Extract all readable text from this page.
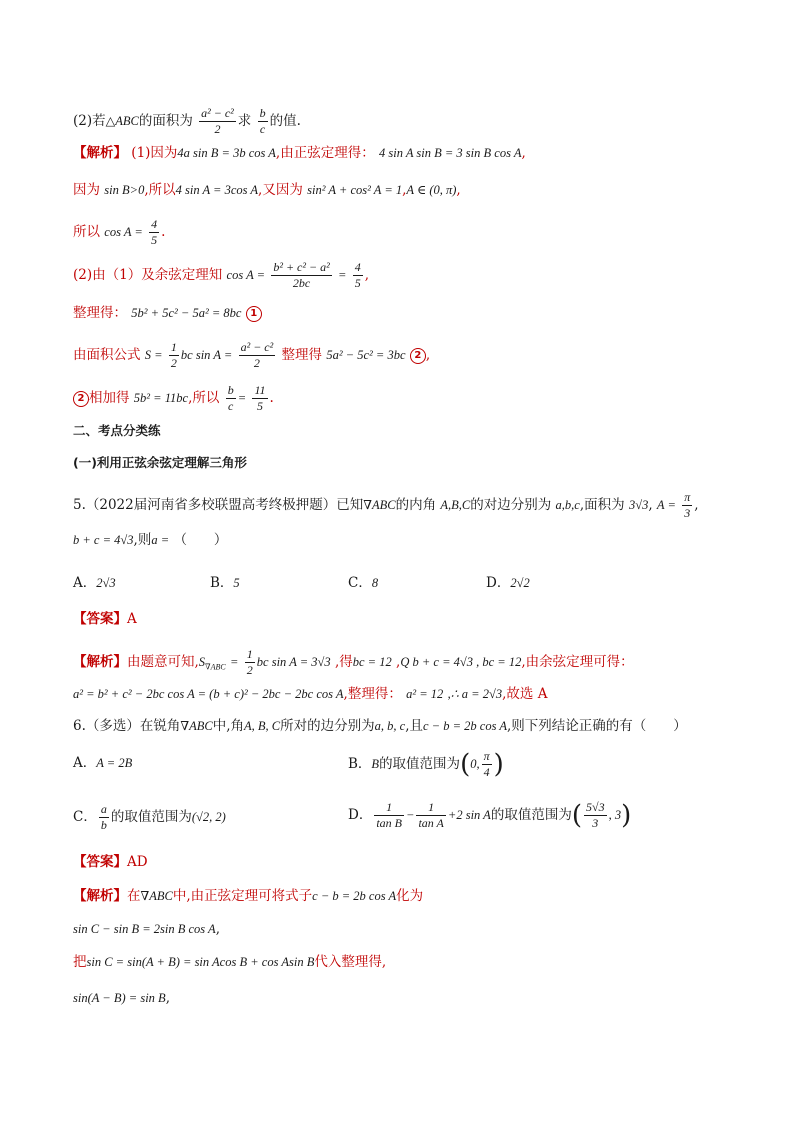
(2)若△ABC的面积为 $\frac{\text{a² − c²}}{2}$ 求 $\frac{b}{c}$ 的值.
【解析】 (1)因为4a sin B = 3b cos A,由正弦定理得： 4 sin A sin B = 3 sin B cos A,
因为 sin B>0,所以4 sin A = 3cos A,又因为 sin² A + cos² A = 1,A ∈ (0, π),
所以 $\cos A = \frac{4}{5}$ .
(2)由（1）及余弦定理知 $\cos A = \frac{\text{b² + c² − a²}}{2bc} = \frac{4}{5}$ ,
整理得： 5b² + 5c² − 5a² = 8bc 1
由面积公式 $S = \frac{1}{2}$ bc $\sin A = \frac{\text{a² − c²}}{2}$ 整理得 5a² − 5c² = 3bc 2 ,
2 相加得 5b² = 11bc,所以 $\frac{b}{c} = \frac{11}{5}$ .
二、考点分类练
(一)利用正弦余弦定理解三角形
5.（2022届河南省多校联盟高考终极押题）已知∇ABC的内角 A,B,C的对边分别为 a,b,c,面积为 3√3, $A = \frac{\pi}{3}$ ,
b + c = 4√3,则a = （　　）
A．2√3	B．5	C．8	D．2√2
【答案】A
【解析】由题意可知$,S_{\nabla ABC} = \frac{1}{2}$ bc sin A = 3√3 ,得bc = 12 ,Q b + c = 4√3 , bc = 12,由余弦定理可得：
a² = b² + c² − 2bc cos A = (b + c)² − 2bc − 2bc cos A,整理得： a² = 12 ,∴ a = 2√3,故选 A
6.（多选）在锐角∇ABC中,角A, B, C所对的边分别为a, b, c,且c − b = 2b cos A,则下列结论正确的有（　　）
A．A = 2B	B．B的取值范围为(0, $\frac{\pi}{4}$ )
C． $\frac{a}{b}$ 的取值范围为(√2, 2)	D． $\frac{1}{\text{tan B}} - \frac{1}{\text{tan A}} +2$ sin A的取值范围为( $\frac{5√3}{3}$ , 3)
【答案】AD
【解析】在∇ABC中,由正弦定理可将式子c − b = 2b cos A化为
sin C − sin B = 2sin B cos A,
把sin C = sin(A + B) = sin Acos B + cos Asin B代入整理得,
sin(A − B) = sin B,
